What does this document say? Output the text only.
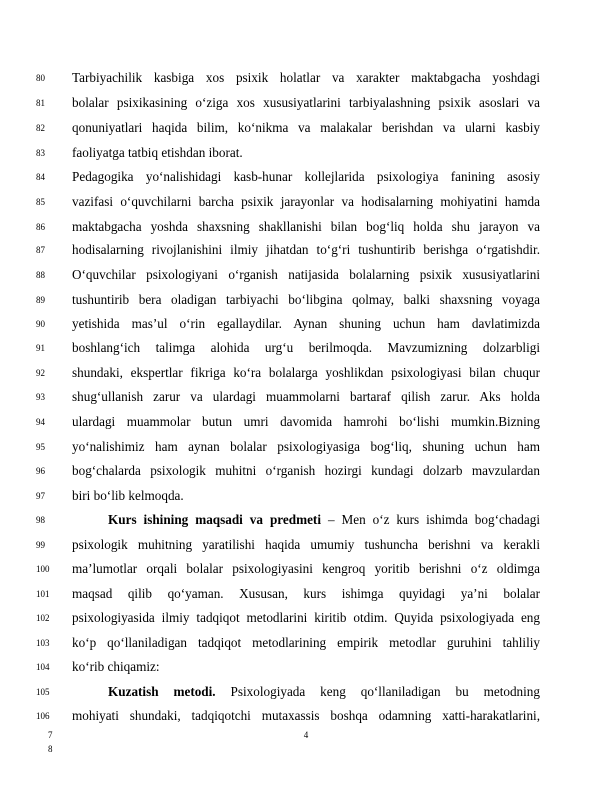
80
81
82
83
84
85
86
87
88
89
90
91
92
93
94
95
96
97
98
99
100
101
102
103
104
105
106
7
8
Tarbiyachilik kasbiga xos psixik holatlar va xarakter maktabgacha yoshdagi
bolalar psixikasining o‘ziga xos xususiyatlarini tarbiyalashning psixik asoslari va
qonuniyatlari haqida bilim, ko‘nikma va malakalar berishdan va ularni kasbiy
faoliyatga tatbiq etishdan iborat.
Pedagogika yo‘nalishidagi kasb-hunar kollejlarida psixologiya fanining asosiy
vazifasi o‘quvchilarni barcha psixik jarayonlar va hodisalarning mohiyatini hamda
maktabgacha yoshda shaxsning shakllanishi bilan bog‘liq holda shu jarayon va
hodisalarning rivojlanishini ilmiy jihatdan to‘g‘ri tushuntirib berishga o‘rgatishdir.
O‘quvchilar psixologiyani o‘rganish natijasida bolalarning psixik xususiyatlarini
tushuntirib bera oladigan tarbiyachi bo‘libgina qolmay, balki shaxsning voyaga
yetishida mas’ul o‘rin egallaydilar. Aynan shuning uchun ham davlatimizda
boshlang‘ich talimga alohida urg‘u berilmoqda. Mavzumizning dolzarbligi
shundaki, ekspertlar fikriga ko‘ra bolalarga yoshlikdan psixologiyasi bilan chuqur
shug‘ullanish zarur va ulardagi muammolarni bartaraf qilish zarur. Aks holda
ulardagi muammolar butun umri davomida hamrohi bo‘lishi mumkin.Bizning
yo‘nalishimiz ham aynan bolalar psixologiyasiga bog‘liq, shuning uchun ham
bog‘chalarda psixologik muhitni o‘rganish hozirgi kundagi dolzarb mavzulardan
biri bo‘lib kelmoqda.
Kurs ishining maqsadi va predmeti – Men o‘z kurs ishimda bog‘chadagi
psixologik muhitning yaratilishi haqida umumiy tushuncha berishni va kerakli
ma’lumotlar orqali bolalar psixologiyasini kengroq yoritib berishni o‘z oldimga
maqsad qilib qo‘yaman. Xususan, kurs ishimga quyidagi ya’ni bolalar
psixologiyasida ilmiy tadqiqot metodlarini kiritib otdim. Quyida psixologiyada eng
ko‘p qo‘llaniladigan tadqiqot metodlarining empirik metodlar guruhini tahliliy
ko‘rib chiqamiz:
Kuzatish metodi. Psixologiyada keng qo‘llaniladigan bu metodning
mohiyati shundaki, tadqiqotchi mutaxassis boshqa odamning xatti-harakatlarini,
4
